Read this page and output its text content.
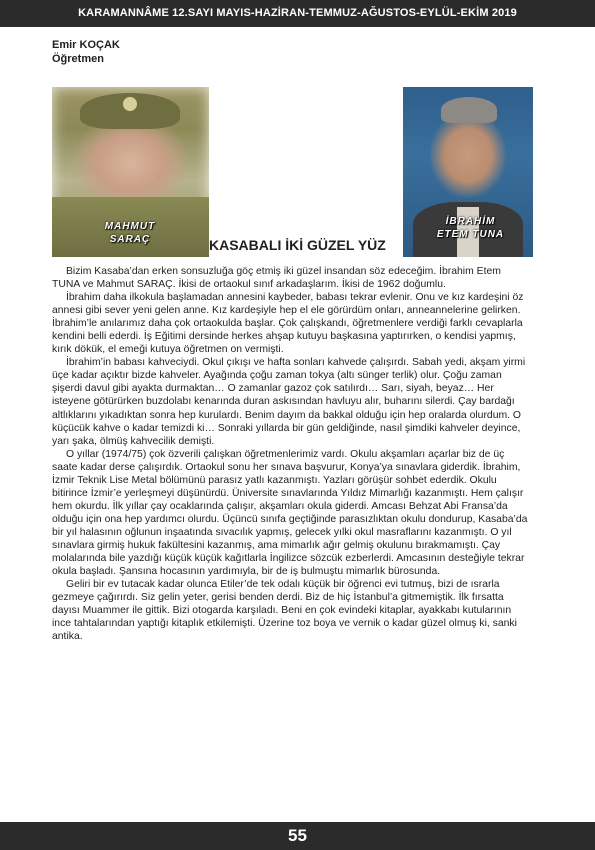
KARAMANNÂME 12.SAYI MAYIS-HAZİRAN-TEMMUZ-AĞUSTOS-EYLÜL-EKİM 2019
Emir KOÇAK
Öğretmen
MAHMUT
SARAÇ
İBRAHİM
ETEM TUNA
KASABALI İKİ GÜZEL YÜZ

Bizim Kasaba’dan erken sonsuzluğa göç etmiş iki güzel insandan söz edeceğim. İbrahim Etem TUNA ve Mahmut SARAÇ. İkisi de ortaokul sınıf arkadaşlarım. İkisi de 1962 doğumlu.

İbrahim daha ilkokula başlamadan annesini kaybeder, babası tekrar evlenir. Onu ve kız kardeşini öz annesi gibi sever yeni gelen anne. Kız kardeşiyle hep el ele görürdüm onları, anneannelerine gelirken. İbrahim’le anılarımız daha çok ortaokulda başlar. Çok çalışkandı, öğretmenlere verdiği farklı cevaplarla kendini belli ederdi. İş Eğitimi dersinde herkes ahşap kutuyu başkasına yaptırırken, o kendisi yapmış, kırık dökük, el emeği kutuya öğretmen on vermişti.

İbrahim’in babası kahveciydi. Okul çıkışı ve hafta sonları kahvede çalışırdı. Sabah yedi, akşam yirmi üçe kadar açıktır bizde kahveler. Ayağında çoğu zaman tokya (altı sünger terlik) olur. Çoğu zaman şişerdi davul gibi ayakta durmaktan… O zamanlar gazoz çok satılırdı… Sarı, siyah, beyaz… Her isteyene götürürken buzdolabı kenarında duran askısından havluyu alır, buharını silerdi. Çay bardağı altlıklarını yıkadıktan sonra hep kurulardı. Benim dayım da bakkal olduğu için hep oralarda olurdum. O küçücük kahve o kadar temizdi ki… Sonraki yıllarda bir gün geldiğinde, nasıl şimdiki kahveler deyince, yarı şaka, ölmüş kahvecilik demişti.

O yıllar (1974/75) çok özverili çalışkan öğretmenlerimiz vardı. Okulu akşamları açarlar biz de üç saate kadar derse çalışırdık. Ortaokul sonu her sınava başvurur, Konya’ya sınavlara giderdik. İbrahim, İzmir Teknik Lise Metal bölümünü parasız yatlı kazanmıştı. Yazları görüşür sohbet ederdik. Okulu bitirince İzmir’e yerleşmeyi düşünürdü. Üniversite sınavlarında Yıldız Mimarlığı kazanmıştı. Hem çalışır hem okurdu. İlk yıllar çay ocaklarında çalışır, akşamları okula giderdi. Amcası Behzat Abi Fransa’da olduğu için ona hep yardımcı olurdu. Üçüncü sınıfa geçtiğinde parasızlıktan okulu dondurup, Kasaba’da bir yıl halasının oğlunun inşaatında sıvacılık yapmış, gelecek yılki okul masraflarını kazanmıştı. O yıl sınavlara girmiş hukuk fakültesini kazanmış, ama mimarlık ağır gelmiş okulunu bırakmamıştı. Çay molalarında bile yazdığı küçük küçük kağıtlarla İngilizce sözcük ezberlerdi. Amcasının desteğiyle tekrar okula başladı. Şansına hocasının yardımıyla, bir de iş bulmuştu mimarlık bürosunda.

Geliri bir ev tutacak kadar olunca Etiler’de tek odalı küçük bir öğrenci evi tutmuş, bizi de ısrarla gezmeye çağırırdı. Siz gelin yeter, gerisi benden derdi. Biz de hiç İstanbul’a gitmemiştik. İlk fırsatta dayısı Muammer ile gittik. Bizi otogarda karşıladı. Beni en çok evindeki kitaplar, ayakkabı kutularının ince tahtalarından yaptığı kitaplık etkilemişti. Üzerine toz boya ve vernik o kadar güzel olmuş ki, sanki antika.

55
